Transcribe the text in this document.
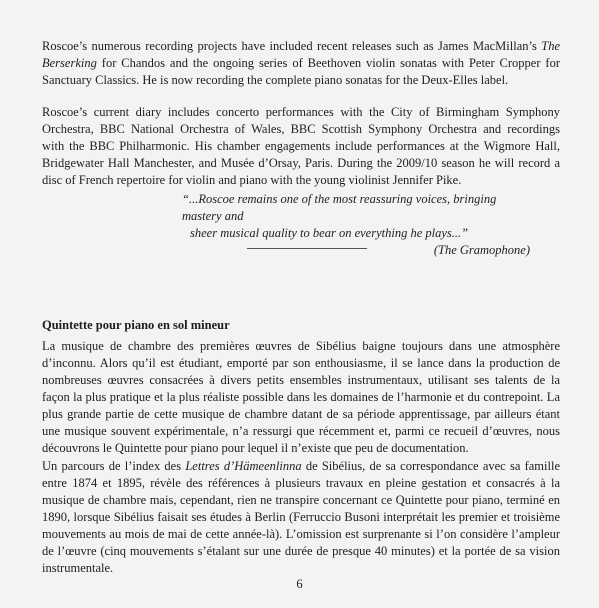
Roscoe’s numerous recording projects have included recent releases such as James MacMillan’s The
Berserking for Chandos and the ongoing series of Beethoven violin sonatas with Peter Cropper for
Sanctuary Classics. He is now recording the complete piano sonatas for the Deux-Elles label.
Roscoe’s current diary includes concerto performances with the City of Birmingham Symphony
Orchestra, BBC National Orchestra of Wales, BBC Scottish Symphony Orchestra and recordings
with the BBC Philharmonic. His chamber engagements include performances at the Wigmore Hall,
Bridgewater Hall Manchester, and Musée d’Orsay, Paris. During the 2009/10 season he will record a
disc of French repertoire for violin and piano with the young violinist Jennifer Pike.
“...Roscoe remains one of the most reassuring voices, bringing mastery and
sheer musical quality to bear on everything he plays...”
(The Gramophone)
Quintette pour piano en sol mineur
La musique de chambre des premières œuvres de Sibélius baigne toujours dans une atmosphère
d’inconnu. Alors qu’il est étudiant, emporté par son enthousiasme, il se lance dans la production de
nombreuses œuvres consacrées à divers petits ensembles instrumentaux, utilisant ses talents de la
façon la plus pratique et la plus réaliste possible dans les domaines de l’harmonie et du contrepoint. La
plus grande partie de cette musique de chambre datant de sa période apprentissage, par ailleurs étant
une musique souvent expérimentale, n’a ressurgi que récemment et, parmi ce recueil d’œuvres, nous
découvrons le Quintette pour piano pour lequel il n’existe que peu de documentation.
Un parcours de l’index des Lettres d’Hämeenlinna de Sibélius, de sa correspondance avec sa famille
entre 1874 et 1895, révèle des références à plusieurs travaux en pleine gestation et consacrés à la
musique de chambre mais, cependant, rien ne transpire concernant ce Quintette pour piano, terminé en
1890, lorsque Sibélius faisait ses études à Berlin (Ferruccio Busoni interprétait les premier et troisième
mouvements au mois de mai de cette année-là). L’omission est surprenante si l’on considère l’ampleur
de l’œuvre (cinq mouvements s’étalant sur une durée de presque 40 minutes) et la portée de sa vision
instrumentale.
6
